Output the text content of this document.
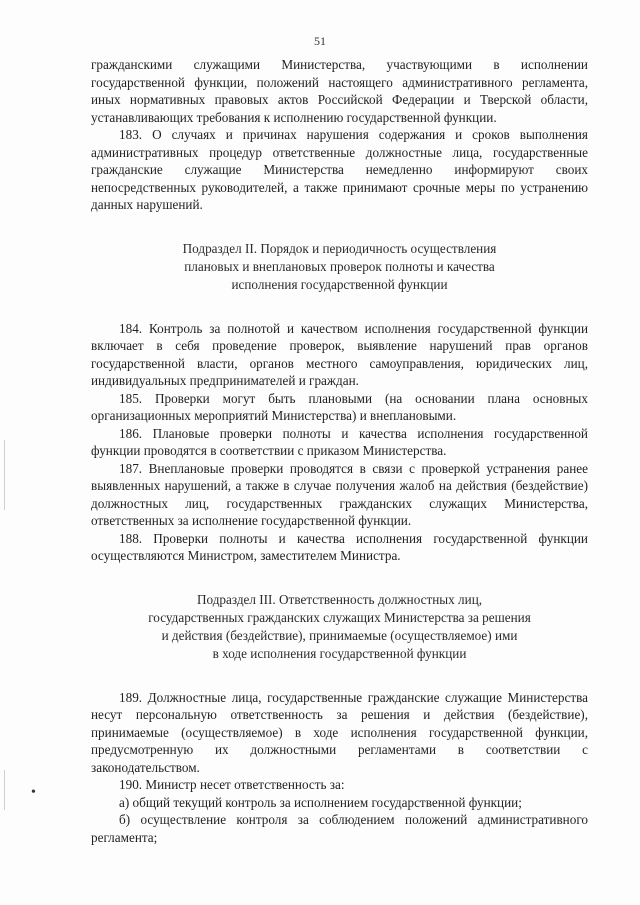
51
•

гражданскими служащими Министерства, участвующими в исполнении государственной функции, положений настоящего административного регламента, иных нормативных правовых актов Российской Федерации и Тверской области, устанавливающих требования к исполнению государственной функции.

183. О случаях и причинах нарушения содержания и сроков выполнения административных процедур ответственные должностные лица, государственные гражданские служащие Министерства немедленно информируют своих непосредственных руководителей, а также принимают срочные меры по устранению данных нарушений.

Подраздел II. Порядок и периодичность осуществления

плановых и внеплановых проверок полноты и качества

исполнения государственной функции

184. Контроль за полнотой и качеством исполнения государственной функции включает в себя проведение проверок, выявление нарушений прав органов государственной власти, органов местного самоуправления, юридических лиц, индивидуальных предпринимателей и граждан.

185. Проверки могут быть плановыми (на основании плана основных организационных мероприятий Министерства) и внеплановыми.

186. Плановые проверки полноты и качества исполнения государственной функции проводятся в соответствии с приказом Министерства.

187. Внеплановые проверки проводятся в связи с проверкой устранения ранее выявленных нарушений, а также в случае получения жалоб на действия (бездействие) должностных лиц, государственных гражданских служащих Министерства, ответственных за исполнение государственной функции.

188. Проверки полноты и качества исполнения государственной функции осуществляются Министром, заместителем Министра.

Подраздел III. Ответственность должностных лиц,

государственных гражданских служащих Министерства за решения

и действия (бездействие), принимаемые (осуществляемое) ими

в ходе исполнения государственной функции

189. Должностные лица, государственные гражданские служащие Министерства несут персональную ответственность за решения и действия (бездействие), принимаемые (осуществляемое) в ходе исполнения государственной функции, предусмотренную их должностными регламентами в соответствии с законодательством.

190. Министр несет ответственность за:

а) общий текущий контроль за исполнением государственной функции;

б) осуществление контроля за соблюдением положений административного регламента;
